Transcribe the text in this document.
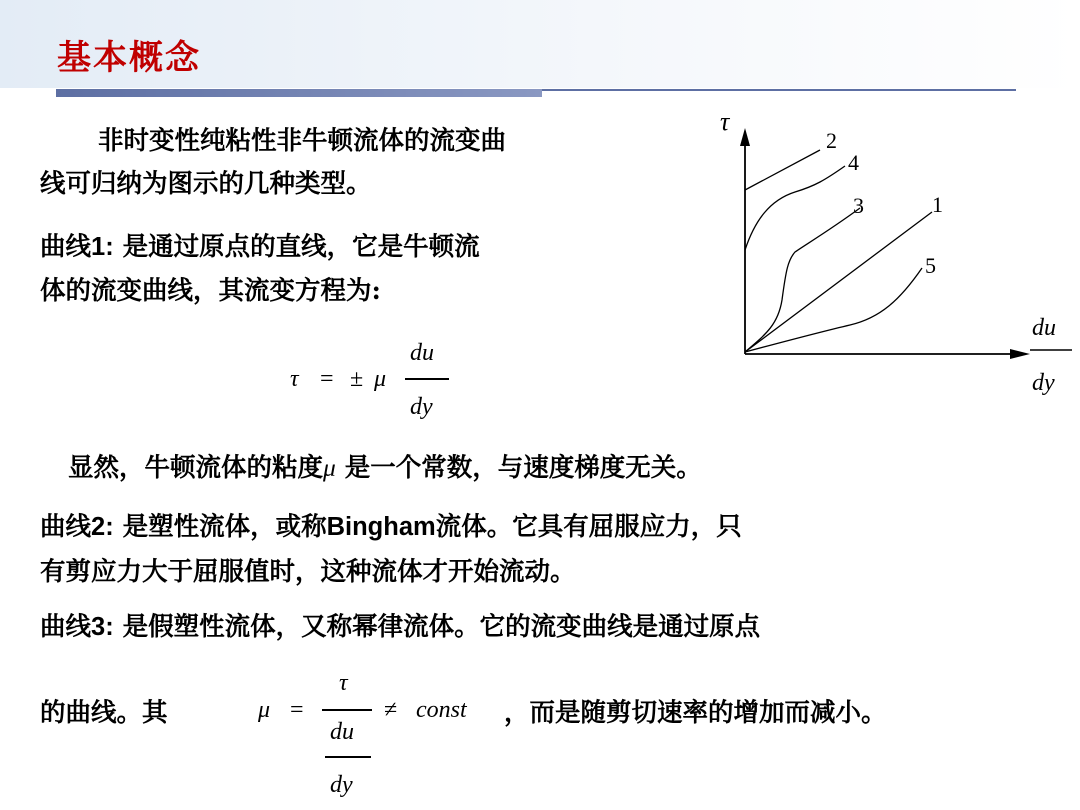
基本概念
非时变性纯粘性非牛顿流体的流变曲
线可归纳为图示的几种类型。
曲线1: 是通过原点的直线，它是牛顿流
体的流变曲线，其流变方程为:
τ = ± μ
du
dy
显然，牛顿流体的粘度μ 是一个常数，与速度梯度无关。
曲线2: 是塑性流体，或称Bingham流体。它具有屈服应力，只
有剪应力大于屈服值时，这种流体才开始流动。
曲线3: 是假塑性流体，又称幂律流体。它的流变曲线是通过原点
的曲线。其	，而是随剪切速率的增加而减小。
μ =
τ
du
dy
≠ const
τ
du
dy
2
4
3	1
5
